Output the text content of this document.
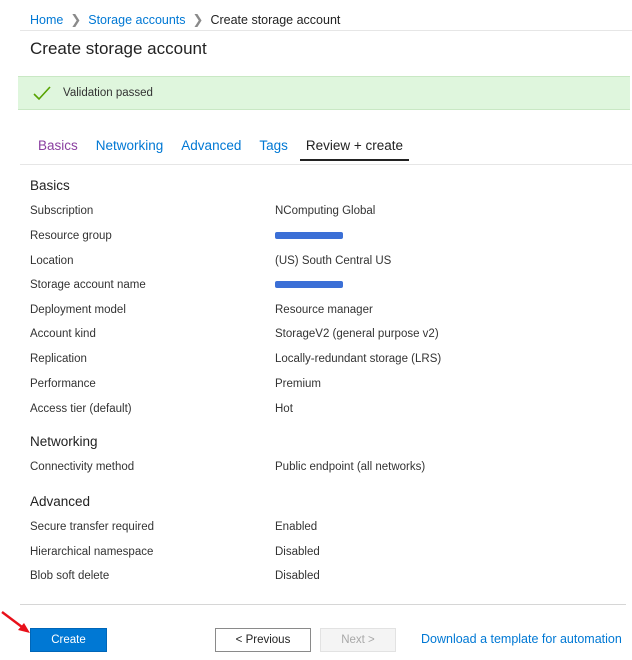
Home ❯ Storage accounts ❯ Create storage account
Create storage account
Validation passed
Basics Networking Advanced Tags	Review + create
Basics
Subscription	NComputing Global
Resource group
Location	(US) South Central US
Storage account name
Deployment model	Resource manager
Account kind	StorageV2 (general purpose v2)
Replication	Locally-redundant storage (LRS)
Performance	Premium
Access tier (default)	Hot
Networking
Connectivity method	Public endpoint (all networks)
Advanced
Secure transfer required	Enabled
Hierarchical namespace	Disabled
Blob soft delete	Disabled
Create	< Previous	Next >	Download a template for automation
